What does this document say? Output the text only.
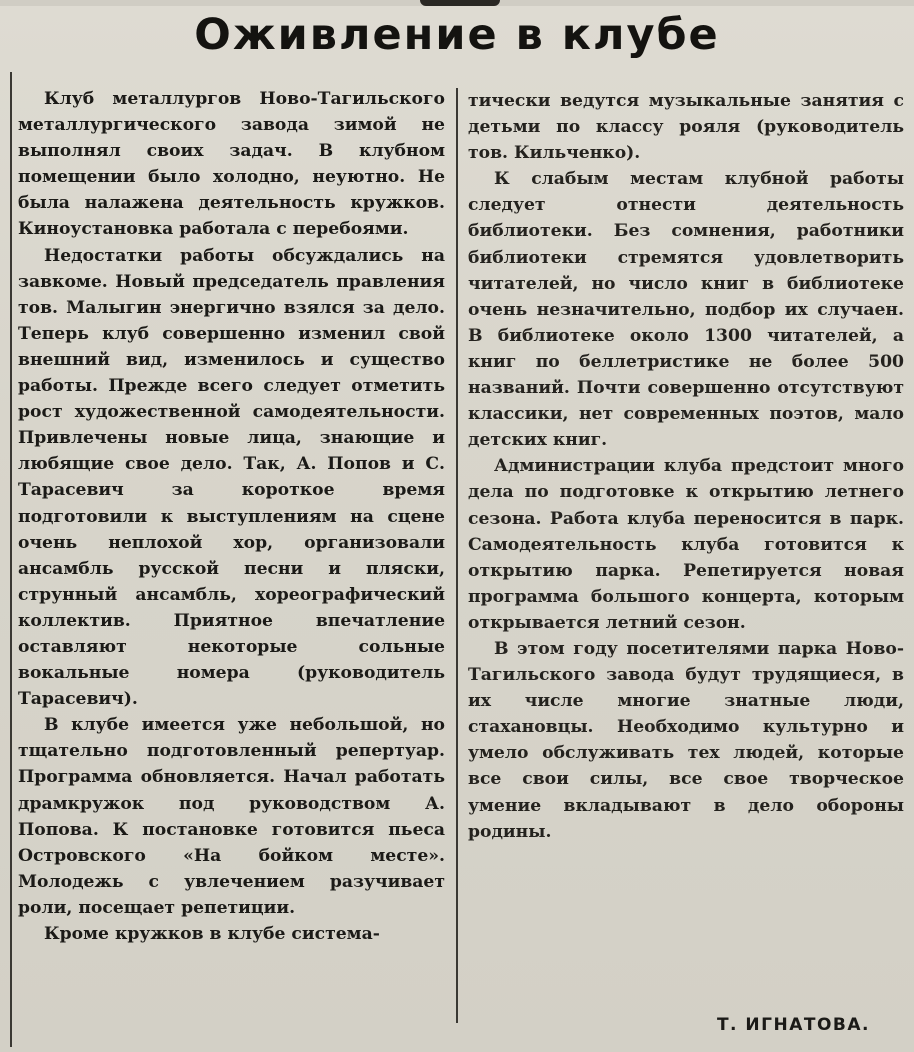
Оживление в клубе

Клуб металлургов Ново-Тагильского металлургического завода зимой не выполнял своих задач. В клубном помещении было холодно, неуютно. Не была налажена деятельность кружков. Киноустановка работала с перебоями.

Недостатки работы обсуждались на завкоме. Новый председатель правления тов. Малыгин энергично взялся за дело. Теперь клуб совершенно изменил свой внешний вид, изменилось и существо работы. Прежде всего следует отметить рост художественной самодеятельности. Привлечены новые лица, знающие и любящие свое дело. Так, А. Попов и С. Тарасевич за короткое время подготовили к выступлениям на сцене очень неплохой хор, организовали ансамбль русской песни и пляски, струнный ансамбль, хореографический коллектив. Приятное впечатление оставляют некоторые сольные вокальные номера (руководитель Тарасевич).

В клубе имеется уже небольшой, но тщательно подготовленный репертуар. Программа обновляется. Начал работать драмкружок под руководством А. Попова. К постановке готовится пьеса Островского «На бойком месте». Молодежь с увлечением разучивает роли, посещает репетиции.

Кроме кружков в клубе система-

тически ведутся музыкальные занятия с детьми по классу рояля (руководитель тов. Кильченко).

К слабым местам клубной работы следует отнести деятельность библиотеки. Без сомнения, работники библиотеки стремятся удовлетворить читателей, но число книг в библиотеке очень незначительно, подбор их случаен. В библиотеке около 1300 читателей, а книг по беллетристике не более 500 названий. Почти совершенно отсутствуют классики, нет современных поэтов, мало детских книг.

Администрации клуба предстоит много дела по подготовке к открытию летнего сезона. Работа клуба переносится в парк. Самодеятельность клуба готовится к открытию парка. Репетируется новая программа большого концерта, которым открывается летний сезон.

В этом году посетителями парка Ново-Тагильского завода будут трудящиеся, в их числе многие знатные люди, стахановцы. Необходимо культурно и умело обслуживать тех людей, которые все свои силы, все свое творческое умение вкладывают в дело обороны родины.

Т. ИГНАТОВА.
